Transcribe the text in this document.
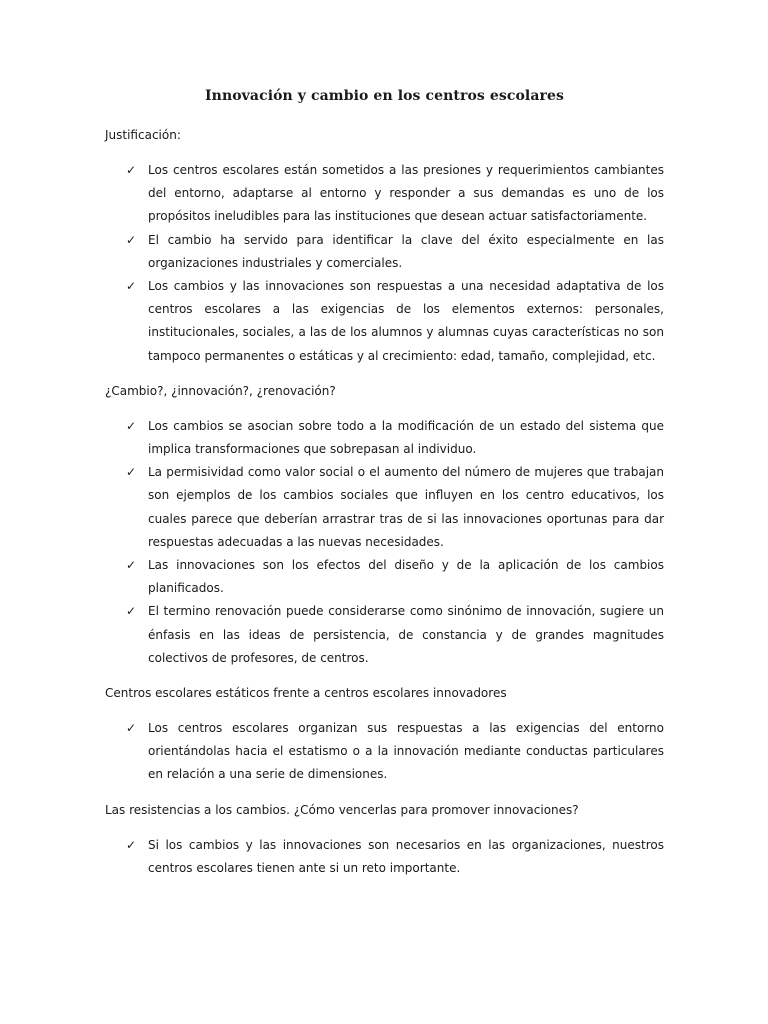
Innovación y cambio en los centros escolares

Justificación:

✓ Los centros escolares están sometidos a las presiones y requerimientos cambiantes del entorno, adaptarse al entorno y responder a sus demandas es uno de los propósitos ineludibles para las instituciones que desean actuar satisfactoriamente.
✓ El cambio ha servido para identificar la clave del éxito especialmente en las organizaciones industriales y comerciales.
✓ Los cambios y las innovaciones son respuestas a una necesidad adaptativa de los centros escolares a las exigencias de los elementos externos: personales, institucionales, sociales, a las de los alumnos y alumnas cuyas características no son tampoco permanentes o estáticas y al crecimiento: edad, tamaño, complejidad, etc.

¿Cambio?, ¿innovación?, ¿renovación?

✓ Los cambios se asocian sobre todo a la modificación de un estado del sistema que implica transformaciones que sobrepasan al individuo.
✓ La permisividad como valor social o el aumento del número de mujeres que trabajan son ejemplos de los cambios sociales que influyen en los centro educativos, los cuales parece que deberían arrastrar tras de si las innovaciones oportunas para dar respuestas adecuadas a las nuevas necesidades.
✓ Las innovaciones son los efectos del diseño y de la aplicación de los cambios planificados.
✓ El termino renovación puede considerarse como sinónimo de innovación, sugiere un énfasis en las ideas de persistencia, de constancia y de grandes magnitudes colectivos de profesores, de centros.

Centros escolares estáticos frente a centros escolares innovadores

✓ Los centros escolares organizan sus respuestas a las exigencias del entorno orientándolas hacia el estatismo o a la innovación mediante conductas particulares en relación a una serie de dimensiones.

Las resistencias a los cambios. ¿Cómo vencerlas para promover innovaciones?

✓ Si los cambios y las innovaciones son necesarios en las organizaciones, nuestros centros escolares tienen ante si un reto importante.
